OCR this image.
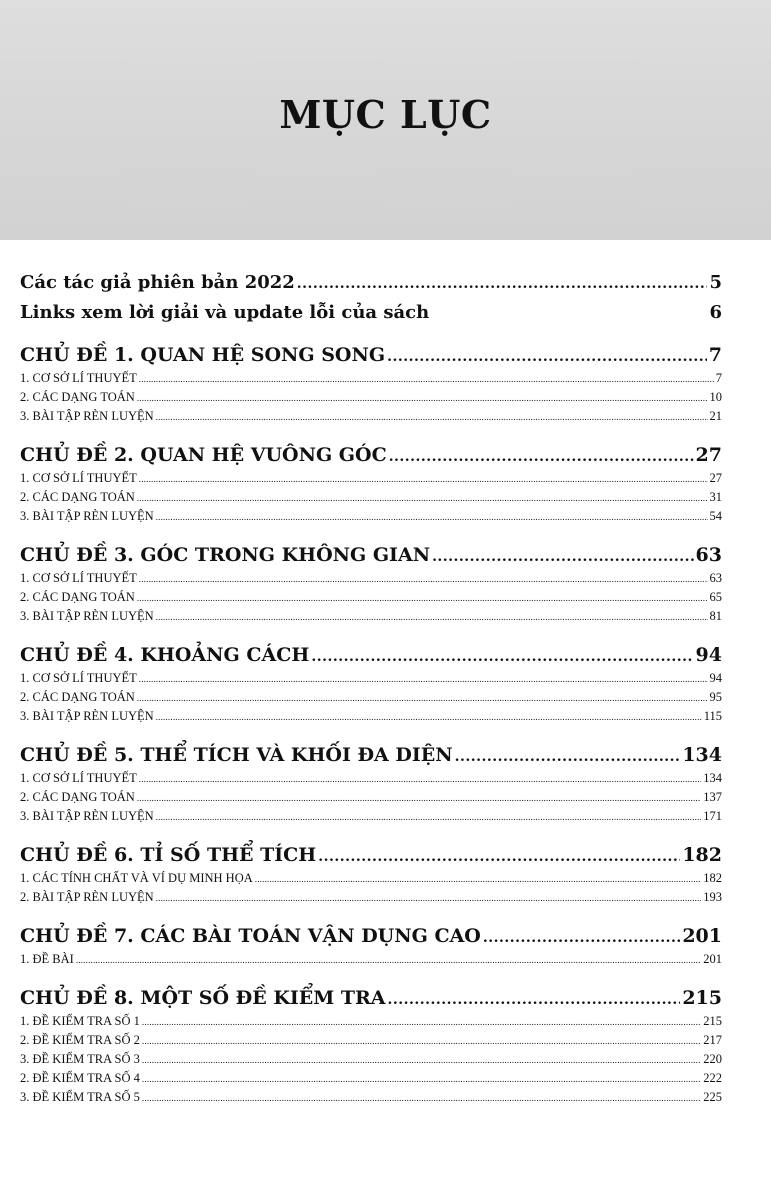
MỤC LỤC
Các tác giả phiên bản 2022 .....	5
Links xem lời giải và update lỗi của sách	6
CHỦ ĐỀ 1. QUAN HỆ SONG SONG .....	7
1. CƠ SỞ LÍ THUYẾT .....	7
2. CÁC DẠNG TOÁN .....	10
3. BÀI TẬP RÈN LUYỆN .....	21
CHỦ ĐỀ 2. QUAN HỆ VUÔNG GÓC .....	27
1. CƠ SỞ LÍ THUYẾT .....	27
2. CÁC DẠNG TOÁN .....	31
3. BÀI TẬP RÈN LUYỆN .....	54
CHỦ ĐỀ 3. GÓC TRONG KHÔNG GIAN .....	63
1. CƠ SỞ LÍ THUYẾT .....	63
2. CÁC DẠNG TOÁN .....	65
3. BÀI TẬP RÈN LUYỆN .....	81
CHỦ ĐỀ 4. KHOẢNG CÁCH .....	94
1. CƠ SỞ LÍ THUYẾT .....	94
2. CÁC DẠNG TOÁN .....	95
3. BÀI TẬP RÈN LUYỆN .....	115
CHỦ ĐỀ 5. THỂ TÍCH VÀ KHỐI ĐA DIỆN .....	134
1. CƠ SỞ LÍ THUYẾT .....	134
2. CÁC DẠNG TOÁN .....	137
3. BÀI TẬP RÈN LUYỆN .....	171
CHỦ ĐỀ 6. TỈ SỐ THỂ TÍCH .....	182
1. CÁC TÍNH CHẤT VÀ VÍ DỤ MINH HỌA .....	182
2. BÀI TẬP RÈN LUYỆN .....	193
CHỦ ĐỀ 7. CÁC BÀI TOÁN VẬN DỤNG CAO .....	201
1. ĐỀ BÀI .....	201
CHỦ ĐỀ 8. MỘT SỐ ĐỀ KIỂM TRA .....	215
1. ĐỀ KIỂM TRA SỐ 1 .....	215
2. ĐỀ KIỂM TRA SỐ 2 .....	217
3. ĐỀ KIỂM TRA SỐ 3 .....	220
2. ĐỀ KIỂM TRA SỐ 4 .....	222
3. ĐỀ KIỂM TRA SỐ 5 .....	225
